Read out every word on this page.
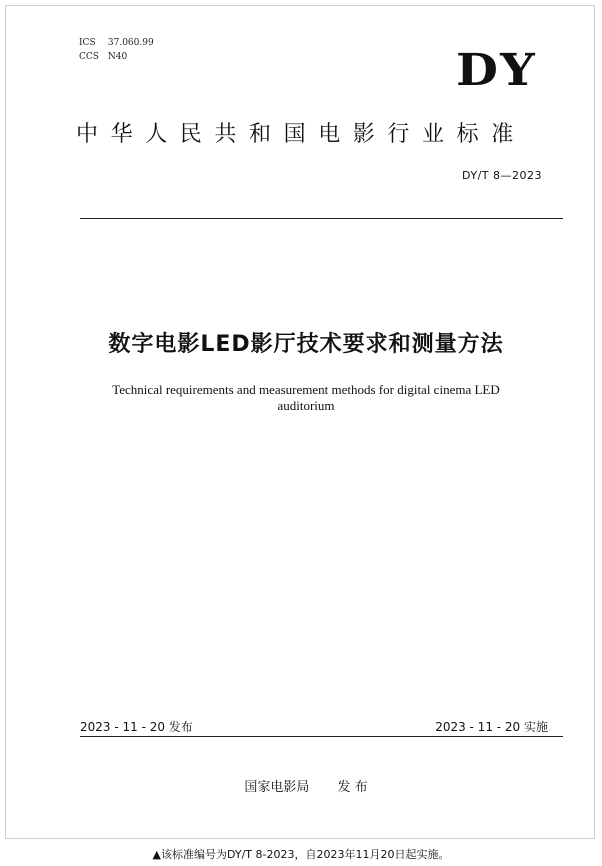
ICS 37.060.99
CCS N40	DY
中华人民共和国电影行业标准
DY/T 8—2023
数字电影LED影厅技术要求和测量方法
Technical requirements and measurement methods for digital cinema LED
auditorium
2023 - 11 - 20 发布	2023 - 11 - 20 实施
国家电影局 发 布
▲该标准编号为DY/T 8-2023，自2023年11月20日起实施。
